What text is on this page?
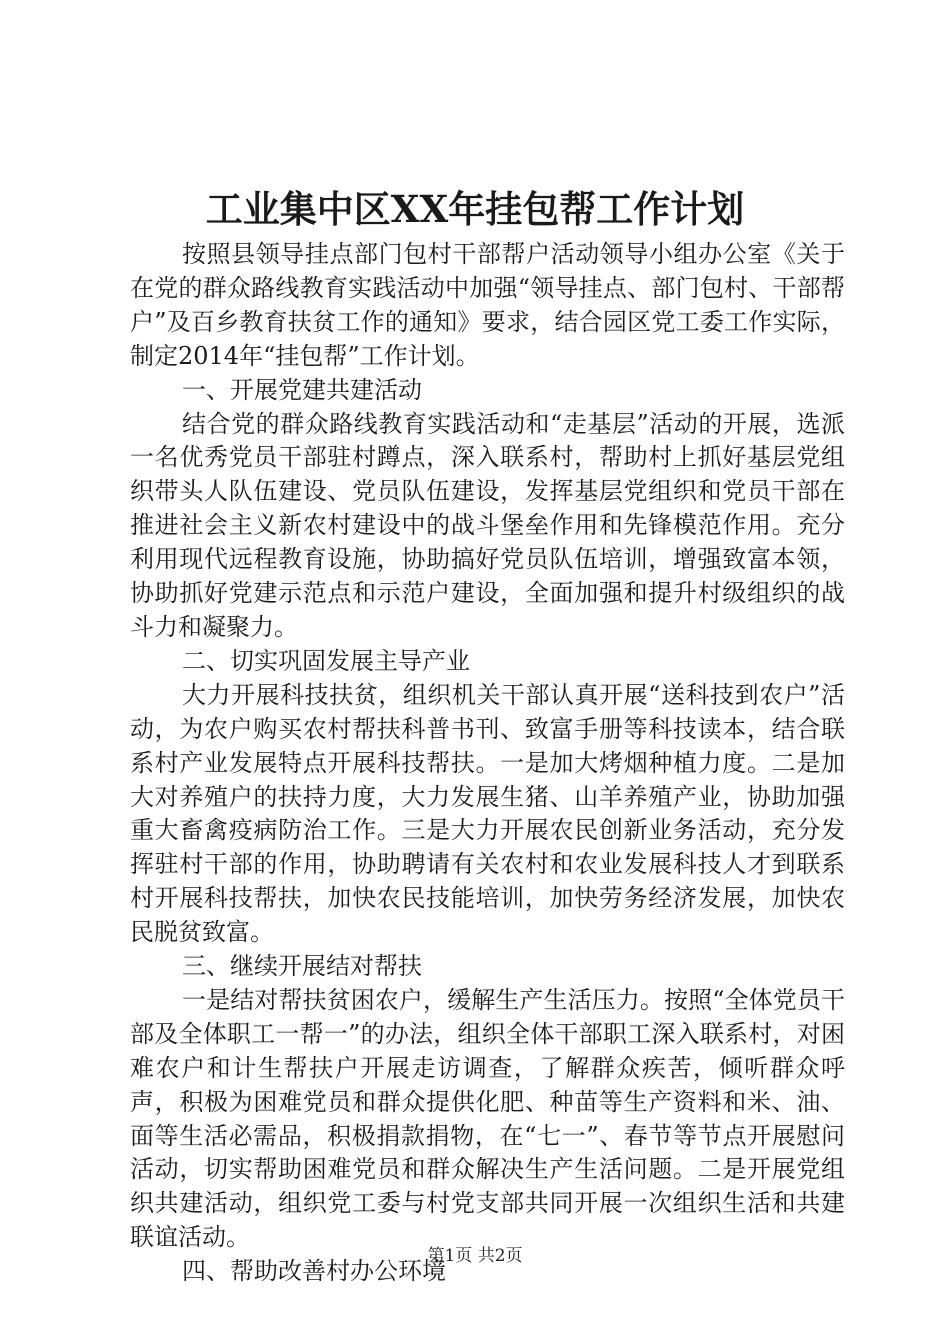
工业集中区XX年挂包帮工作计划

按照县领导挂点部门包村干部帮户活动领导小组办公室《关于在党的群众路线教育实践活动中加强“领导挂点、部门包村、干部帮户”及百乡教育扶贫工作的通知》要求，结合园区党工委工作实际，制定2014年“挂包帮”工作计划。

一、开展党建共建活动

结合党的群众路线教育实践活动和“走基层”活动的开展，选派一名优秀党员干部驻村蹲点，深入联系村，帮助村上抓好基层党组织带头人队伍建设、党员队伍建设，发挥基层党组织和党员干部在推进社会主义新农村建设中的战斗堡垒作用和先锋模范作用。充分利用现代远程教育设施，协助搞好党员队伍培训，增强致富本领，协助抓好党建示范点和示范户建设，全面加强和提升村级组织的战斗力和凝聚力。

二、切实巩固发展主导产业

大力开展科技扶贫，组织机关干部认真开展“送科技到农户”活动，为农户购买农村帮扶科普书刊、致富手册等科技读本，结合联系村产业发展特点开展科技帮扶。一是加大烤烟种植力度。二是加大对养殖户的扶持力度，大力发展生猪、山羊养殖产业，协助加强重大畜禽疫病防治工作。三是大力开展农民创新业务活动，充分发挥驻村干部的作用，协助聘请有关农村和农业发展科技人才到联系村开展科技帮扶，加快农民技能培训，加快劳务经济发展，加快农民脱贫致富。

三、继续开展结对帮扶

一是结对帮扶贫困农户，缓解生产生活压力。按照“全体党员干部及全体职工一帮一”的办法，组织全体干部职工深入联系村，对困难农户和计生帮扶户开展走访调查，了解群众疾苦，倾听群众呼声，积极为困难党员和群众提供化肥、种苗等生产资料和米、油、面等生活必需品，积极捐款捐物，在“七一”、春节等节点开展慰问活动，切实帮助困难党员和群众解决生产生活问题。二是开展党组织共建活动，组织党工委与村党支部共同开展一次组织生活和共建联谊活动。

四、帮助改善村办公环境

第1页 共2页
